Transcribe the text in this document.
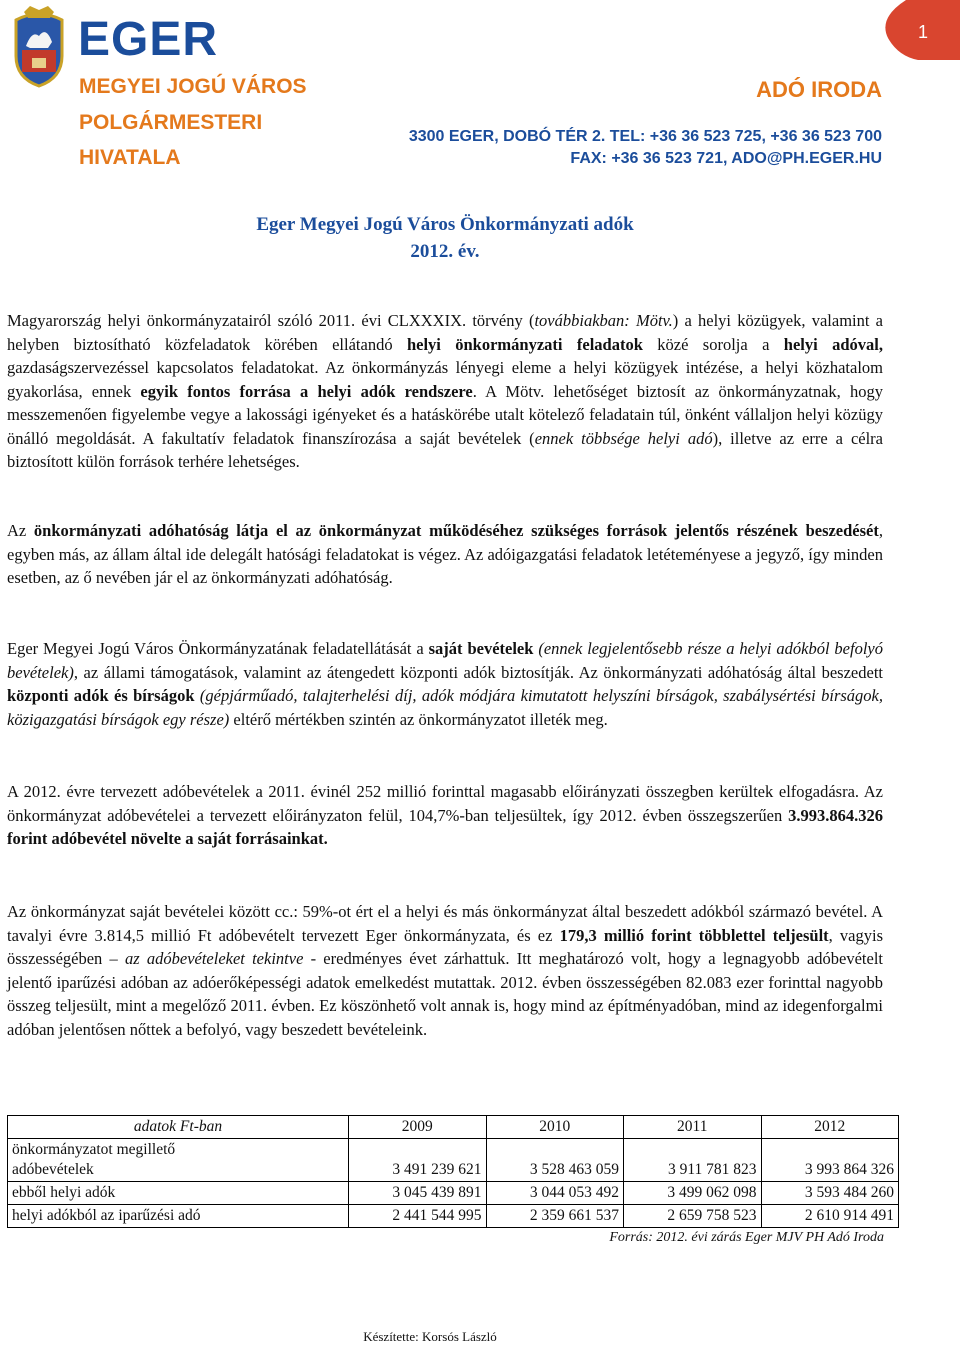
EGER
MEGYEI JOGÚ VÁROS
POLGÁRMESTERI
HIVATALA
ADÓ IRODA
3300 EGER, DOBÓ TÉR 2. TEL: +36 36 523 725, +36 36 523 700
FAX: +36 36 523 721, ADO@PH.EGER.HU
1
Eger Megyei Jogú Város Önkormányzati adók
2012. év.
Magyarország helyi önkormányzatairól szóló 2011. évi CLXXXIX. törvény (továbbiakban: Mötv.) a helyi közügyek, valamint a helyben biztosítható közfeladatok körében ellátandó helyi önkormányzati feladatok közé sorolja a helyi adóval, gazdaságszervezéssel kapcsolatos feladatokat. Az önkormányzás lényegi eleme a helyi közügyek intézése, a helyi közhatalom gyakorlása, ennek egyik fontos forrása a helyi adók rendszere. A Mötv. lehetőséget biztosít az önkormányzatnak, hogy messzemenően figyelembe vegye a lakossági igényeket és a hatáskörébe utalt kötelező feladatain túl, önként vállaljon helyi közügy önálló megoldását. A fakultatív feladatok finanszírozása a saját bevételek (ennek többsége helyi adó), illetve az erre a célra biztosított külön források terhére lehetséges.
Az önkormányzati adóhatóság látja el az önkormányzat működéséhez szükséges források jelentős részének beszedését, egyben más, az állam által ide delegált hatósági feladatokat is végez. Az adóigazgatási feladatok letéteményese a jegyző, így minden esetben, az ő nevében jár el az önkormányzati adóhatóság.
Eger Megyei Jogú Város Önkormányzatának feladatellátását a saját bevételek (ennek legjelentősebb része a helyi adókból befolyó bevételek), az állami támogatások, valamint az átengedett központi adók biztosítják. Az önkormányzati adóhatóság által beszedett központi adók és bírságok (gépjárműadó, talajterhelési díj, adók módjára kimutatott helyszíni bírságok, szabálysértési bírságok, közigazgatási bírságok egy része) eltérő mértékben szintén az önkormányzatot illeték meg.
A 2012. évre tervezett adóbevételek a 2011. évinél 252 millió forinttal magasabb előirányzati összegben kerültek elfogadásra. Az önkormányzat adóbevételei a tervezett előirányzaton felül, 104,7%-ban teljesültek, így 2012. évben összegszerűen 3.993.864.326 forint adóbevétel növelte a saját forrásainkat.
Az önkormányzat saját bevételei között cc.: 59%-ot ért el a helyi és más önkormányzat által beszedett adókból származó bevétel. A tavalyi évre 3.814,5 millió Ft adóbevételt tervezett Eger önkormányzata, és ez 179,3 millió forint többlettel teljesült, vagyis összességében – az adóbevételeket tekintve - eredményes évet zárhattuk. Itt meghatározó volt, hogy a legnagyobb adóbevételt jelentő iparűzési adóban az adóerőképességi adatok emelkedést mutattak. 2012. évben összességében 82.083 ezer forinttal nagyobb összeg teljesült, mint a megelőző 2011. évben. Ez köszönhető volt annak is, hogy mind az építményadóban, mind az idegenforgalmi adóban jelentősen nőttek a befolyó, vagy beszedett bevételeink.
adatok Ft-ban	2009	2010	2011	2012
önkormányzatot megillető
adóbevételek	3 491 239 621	3 528 463 059	3 911 781 823	3 993 864 326
ebből helyi adók	3 045 439 891	3 044 053 492	3 499 062 098	3 593 484 260
helyi adókból az iparűzési adó	2 441 544 995	2 359 661 537	2 659 758 523	2 610 914 491
Forrás: 2012. évi zárás Eger MJV PH Adó Iroda
Készítette: Korsós László
